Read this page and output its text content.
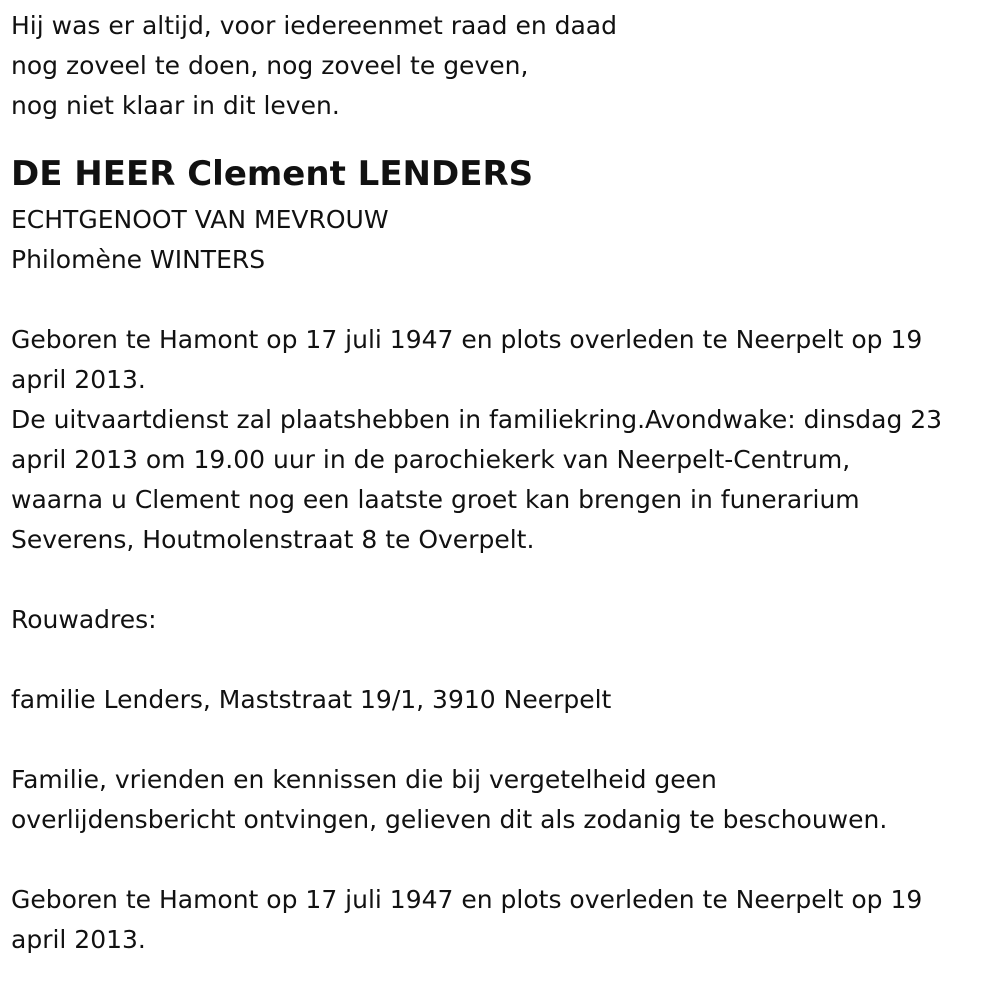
Hij was er altijd, voor iedereenmet raad en daad
nog zoveel te doen, nog zoveel te geven,
nog niet klaar in dit leven.
DE HEER Clement LENDERS
ECHTGENOOT VAN MEVROUW
Philomène WINTERS
Geboren te Hamont op 17 juli 1947 en plots overleden te Neerpelt op 19
april 2013.
De uitvaartdienst zal plaatshebben in familiekring.Avondwake: dinsdag 23
april 2013 om 19.00 uur in de parochiekerk van Neerpelt-Centrum,
waarna u Clement nog een laatste groet kan brengen in funerarium
Severens, Houtmolenstraat 8 te Overpelt.
Rouwadres:
familie Lenders, Maststraat 19/1, 3910 Neerpelt
Familie, vrienden en kennissen die bij vergetelheid geen
overlijdensbericht ontvingen, gelieven dit als zodanig te beschouwen.
Geboren te Hamont op 17 juli 1947 en plots overleden te Neerpelt op 19
april 2013.
